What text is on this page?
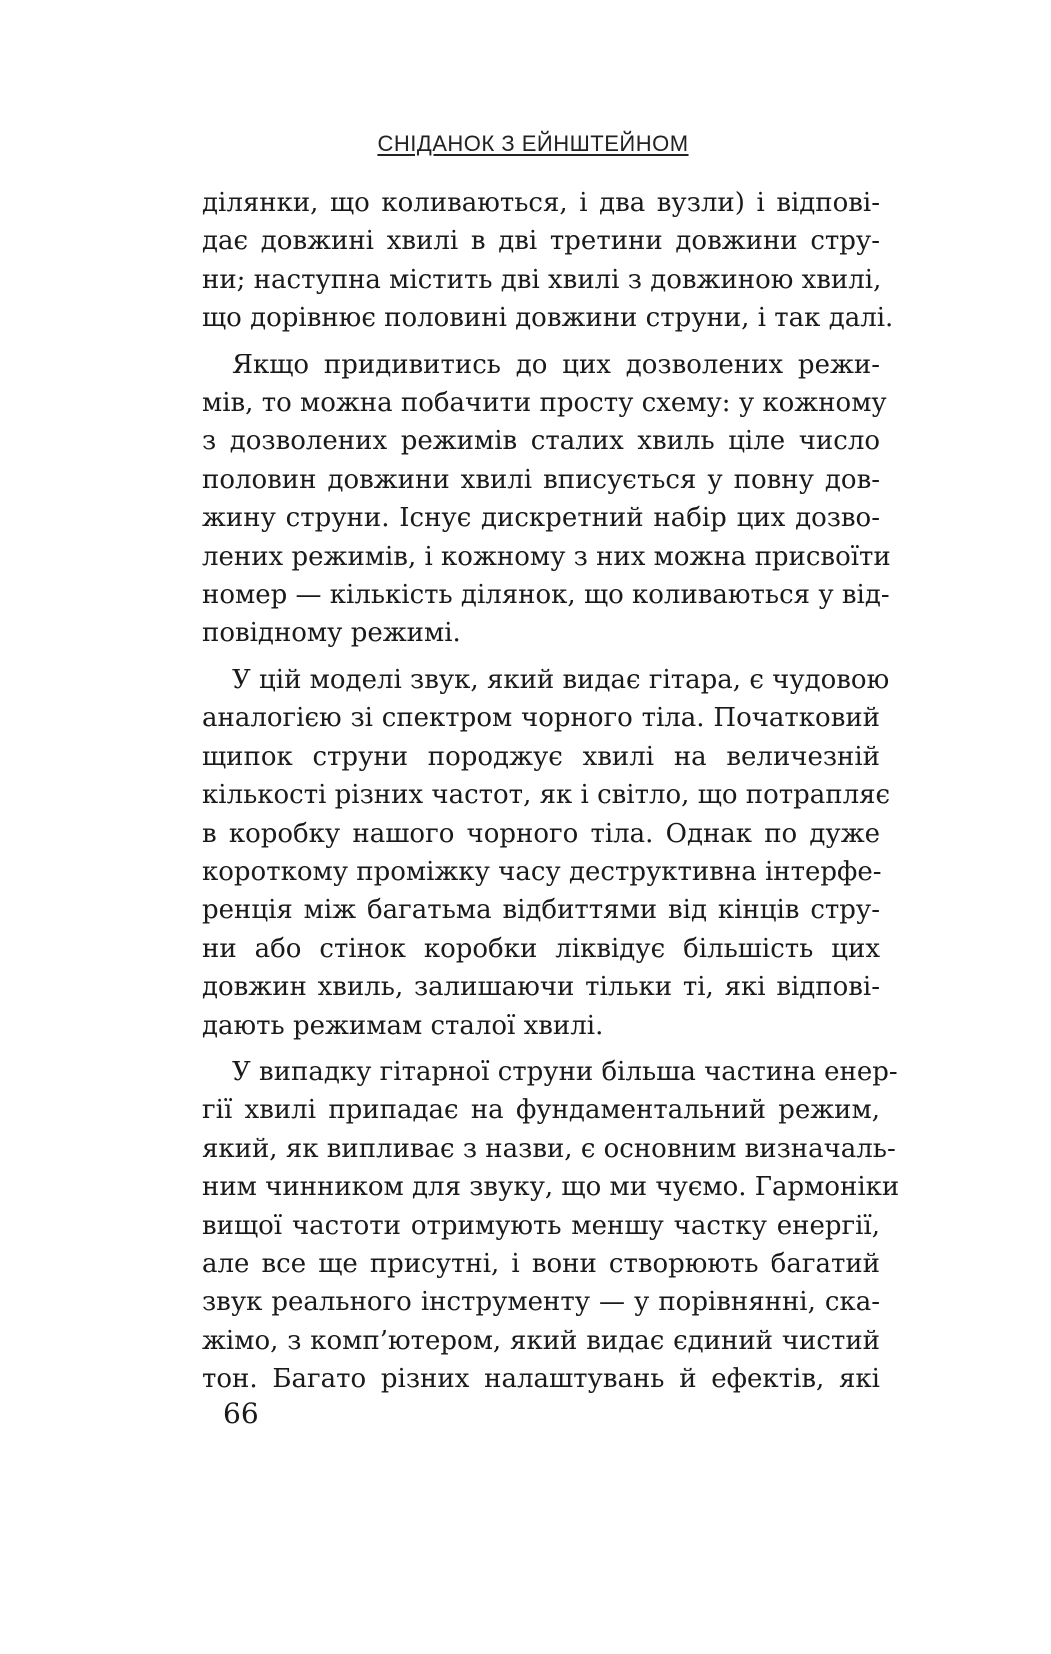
СНІДАНОК З ЕЙНШТЕЙНОМ

ділянки, що коливаються, і два вузли) і відпові-
дає довжині хвилі в дві третини довжини стру-
ни; наступна містить дві хвилі з довжиною хвилі,
що дорівнює половині довжини струни, і так далі.

Якщо придивитись до цих дозволених режи-
мів, то можна побачити просту схему: у кожному
з дозволених режимів сталих хвиль ціле число
половин довжини хвилі вписується у повну дов-
жину струни. Існує дискретний набір цих дозво-
лених режимів, і кожному з них можна присвоїти
номер — кількість ділянок, що коливаються у від-
повідному режимі.

У цій моделі звук, який видає гітара, є чудовою
аналогією зі спектром чорного тіла. Початковий
щипок струни породжує хвилі на величезній
кількості різних частот, як і світло, що потрапляє
в коробку нашого чорного тіла. Однак по дуже
короткому проміжку часу деструктивна інтерфе-
ренція між багатьма відбиттями від кінців стру-
ни або стінок коробки ліквідує більшість цих
довжин хвиль, залишаючи тільки ті, які відпові-
дають режимам сталої хвилі.

У випадку гітарної струни більша частина енер-
гії хвилі припадає на фундаментальний режим,
який, як випливає з назви, є основним визначаль-
ним чинником для звуку, що ми чуємо. Гармоніки
вищої частоти отримують меншу частку енергії,
але все ще присутні, і вони створюють багатий
звук реального інструменту — у порівнянні, ска-
жімо, з комп’ютером, який видає єдиний чистий
тон. Багато різних налаштувань й ефектів, які

66
